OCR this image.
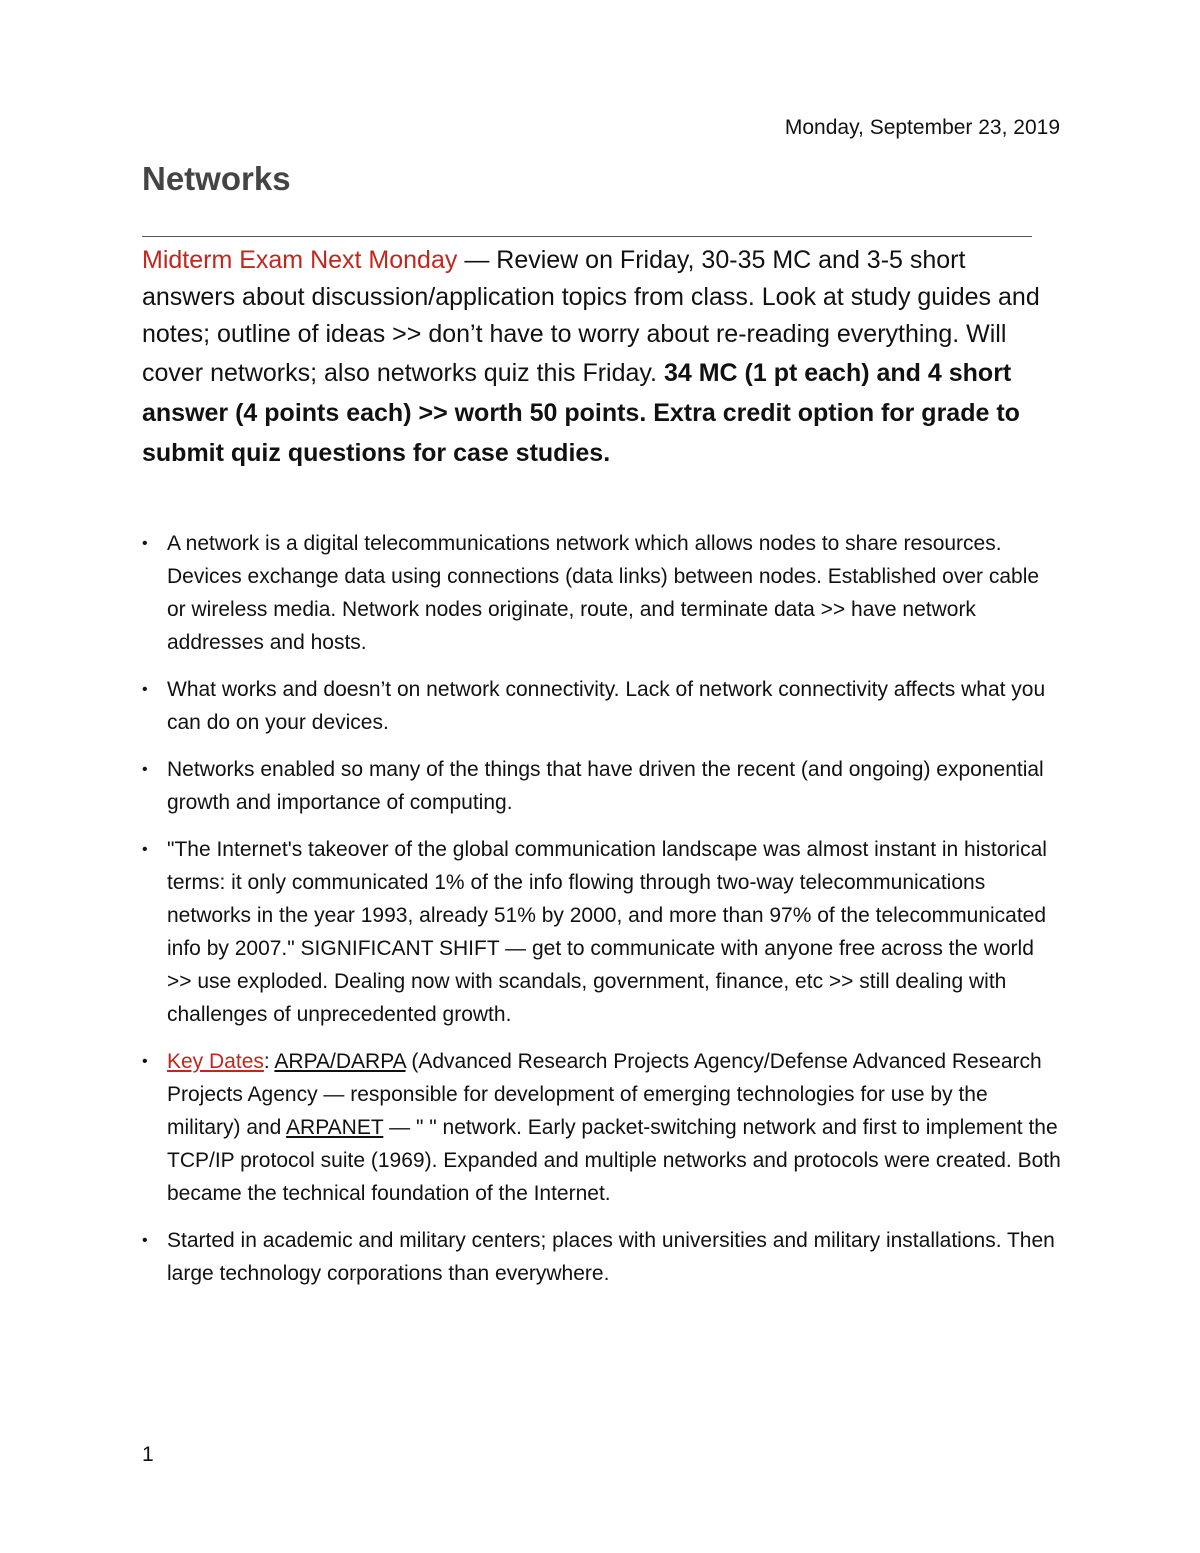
Monday, September 23, 2019
Networks

Midterm Exam Next Monday — Review on Friday, 30-35 MC and 3-5 short answers about discussion/application topics from class. Look at study guides and notes; outline of ideas >> don’t have to worry about re-reading everything. Will cover networks; also networks quiz this Friday. 34 MC (1 pt each) and 4 short answer (4 points each) >> worth 50 points. Extra credit option for grade to submit quiz questions for case studies.

• A network is a digital telecommunications network which allows nodes to share resources. Devices exchange data using connections (data links) between nodes. Established over cable or wireless media. Network nodes originate, route, and terminate data >> have network addresses and hosts.
• What works and doesn’t on network connectivity. Lack of network connectivity affects what you can do on your devices.
• Networks enabled so many of the things that have driven the recent (and ongoing) exponential growth and importance of computing.
• "The Internet's takeover of the global communication landscape was almost instant in historical terms: it only communicated 1% of the info flowing through two-way telecommunications networks in the year 1993, already 51% by 2000, and more than 97% of the telecommunicated info by 2007." SIGNIFICANT SHIFT — get to communicate with anyone free across the world >> use exploded. Dealing now with scandals, government, finance, etc >> still dealing with challenges of unprecedented growth.
• Key Dates: ARPA/DARPA (Advanced Research Projects Agency/Defense Advanced Research Projects Agency — responsible for development of emerging technologies for use by the military) and ARPANET — " " network. Early packet-switching network and first to implement the TCP/IP protocol suite (1969). Expanded and multiple networks and protocols were created. Both became the technical foundation of the Internet.
• Started in academic and military centers; places with universities and military installations. Then large technology corporations than everywhere.
1
